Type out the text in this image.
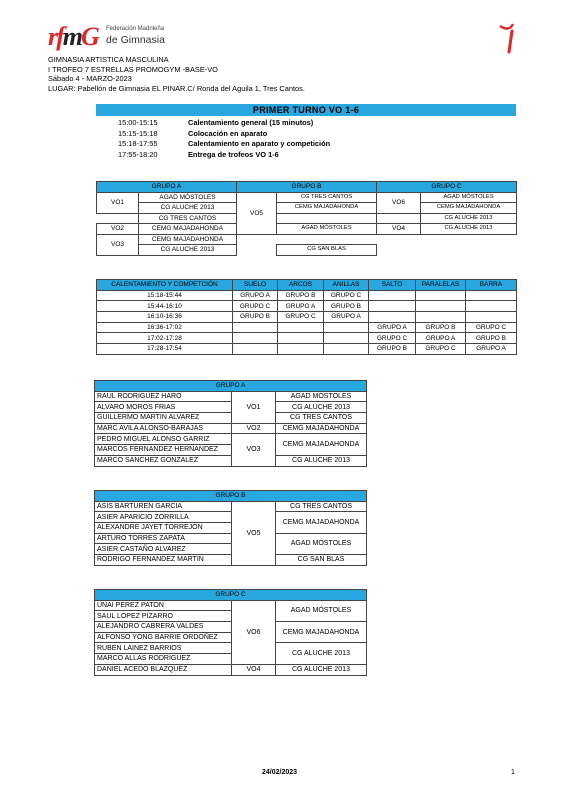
rfmG Federación Madrileña
de Gimnasia
GIMNASIA ARTISTICA MASCULINA
I TROFEO 7 ESTRELLAS PROMOGYM -BASE-VO
Sábado 4 - MARZO-2023
LUGAR: Pabellón de Gimnasia EL PINAR.C/ Ronda del Aguila 1, Tres Cantos.
PRIMER TURNO VO 1-6
15:00-15:15	Calentamiento general (15 minutos)
15:15-15:18	Colocación en aparato
15:18-17:55	Calentamiento en aparato y competición
17:55-18:20	Entrega de trofeos VO 1-6
GRUPO A		GRUPO B		GRUPO C	
VO1	AGAD MÓSTOLES	VO5	CG TRES CANTOS	VO6	AGAD MÓSTOLES
	CG ALUCHE 2013		CEMG MAJADAHONDA		CEMG MAJADAHONDA
	CG TRES CANTOS				CG ALUCHE 2013
VO2	CEMG MAJADAHONDA		AGAD MÓSTOLES	VO4	CG ALUCHE 2013
VO3	CEMG MAJADAHONDA				
	CG ALUCHE 2013		CG SAN BLAS		
CALENTAMIENTO Y COMPETCIÓN	SUELO	ARCOS	ANILLAS	SALTO	PARALELAS	BARRA
15:18-15:44	GRUPO A	GRUPO B	GRUPO C			
15:44-16:10	GRUPO C	GRUPO A	GRUPO B			
16:10-16:36	GRUPO B	GRUPO C	GRUPO A			
16:36-17:02				GRUPO A	GRUPO B	GRUPO C
17:02-17:28				GRUPO C	GRUPO A	GRUPO B
17:28-17:54				GRUPO B	GRUPO C	GRUPO A
GRUPO A		
RAUL RODRIGUEZ HARO	VO1	AGAD MÓSTOLES
ALVARO MOROS FRIAS		CG ALUCHE 2013
GUILLERMO MARTIN ALVAREZ		CG TRES CANTOS
MARC AVILA ALONSO-BARAJAS	VO2	CEMG MAJADAHONDA
PEDRO MIGUEL ALONSO GARRIZ	VO3	CEMG MAJADAHONDA
MARCOS FERNANDEZ HERNANDEZ		
MARCO SANCHEZ GONZALEZ		CG ALUCHE 2013
GRUPO B		
ASIS BARTUREN GARCIA	VO5	CG TRES CANTOS
ASIER APARICIO ZORRILLA		CEMG MAJADAHONDA
ALEXANDRE JAYET TORREJON		
ARTURO TORRES ZAPATA		AGAD MÓSTOLES
ASIER CASTAÑO ALVAREZ		
RODRIGO FERNANDEZ MARTIN		CG SAN BLAS
GRUPO C		
UNAI PEREZ PATON	VO6	AGAD MÓSTOLES
SAUL LOPEZ PIZARRO		
ALEJANDRO CABRERA VALDES		CEMG MAJADAHONDA
ALFONSO YONG BARRIE ORDOÑEZ		
RUBEN LAINEZ BARRIOS		CG ALUCHE 2013
MARCO ALLAS RODRIGUEZ		
DANIEL ACEDO BLAZQUEZ	VO4	CG ALUCHE 2013
24/02/2023	1
